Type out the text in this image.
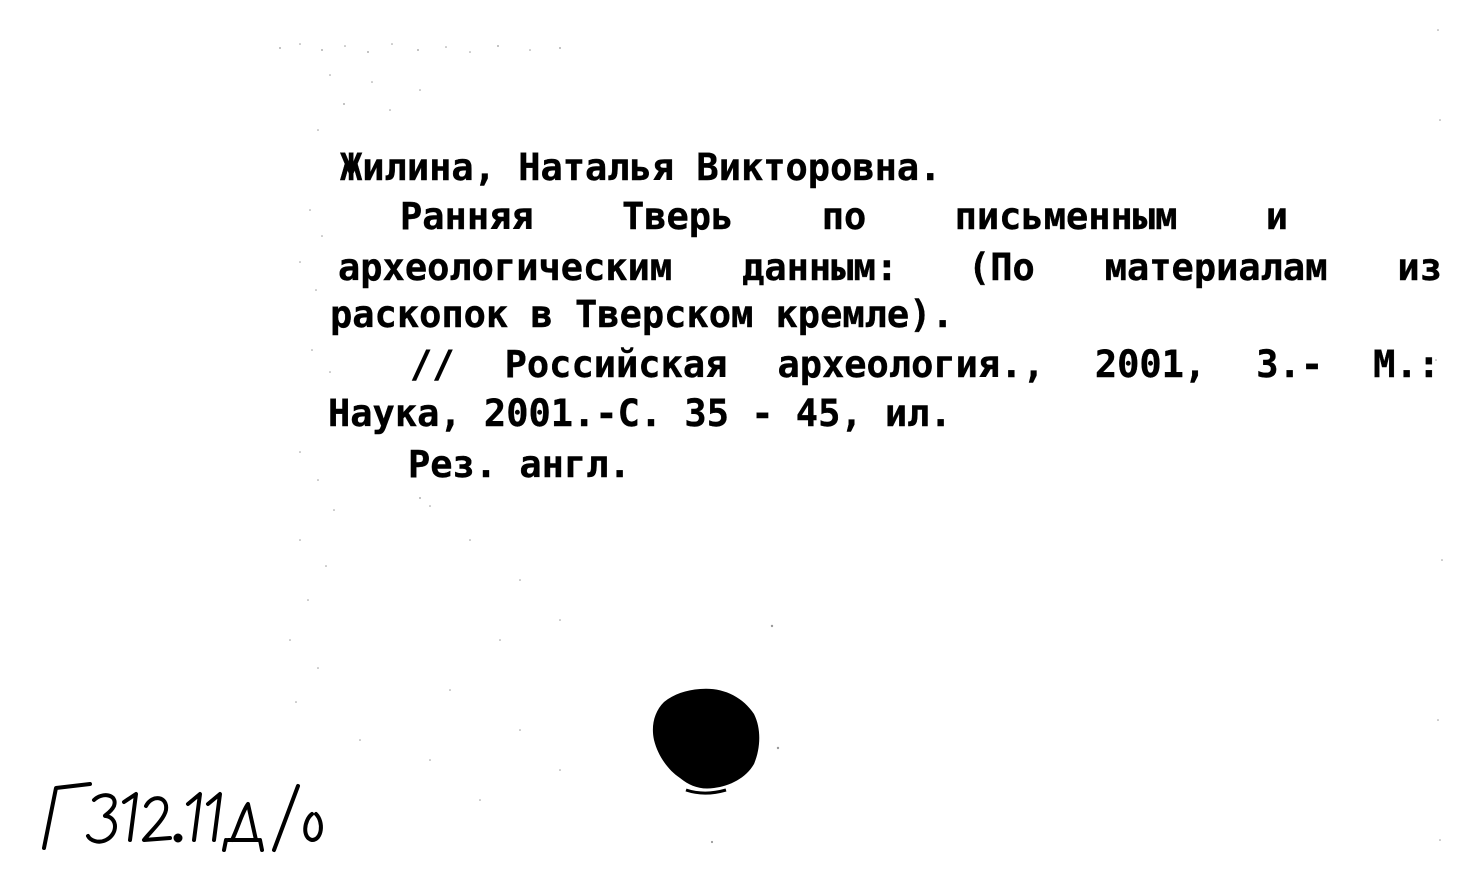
Жилина, Наталья Викторовна.
Ранняя Тверь по письменным и
археологическим данным: (По материалам из
раскопок в Тверском кремле).
// Российская археология., 2001, 3.- М.:
Наука, 2001.-С. 35 - 45, ил.
Рез. англ.
